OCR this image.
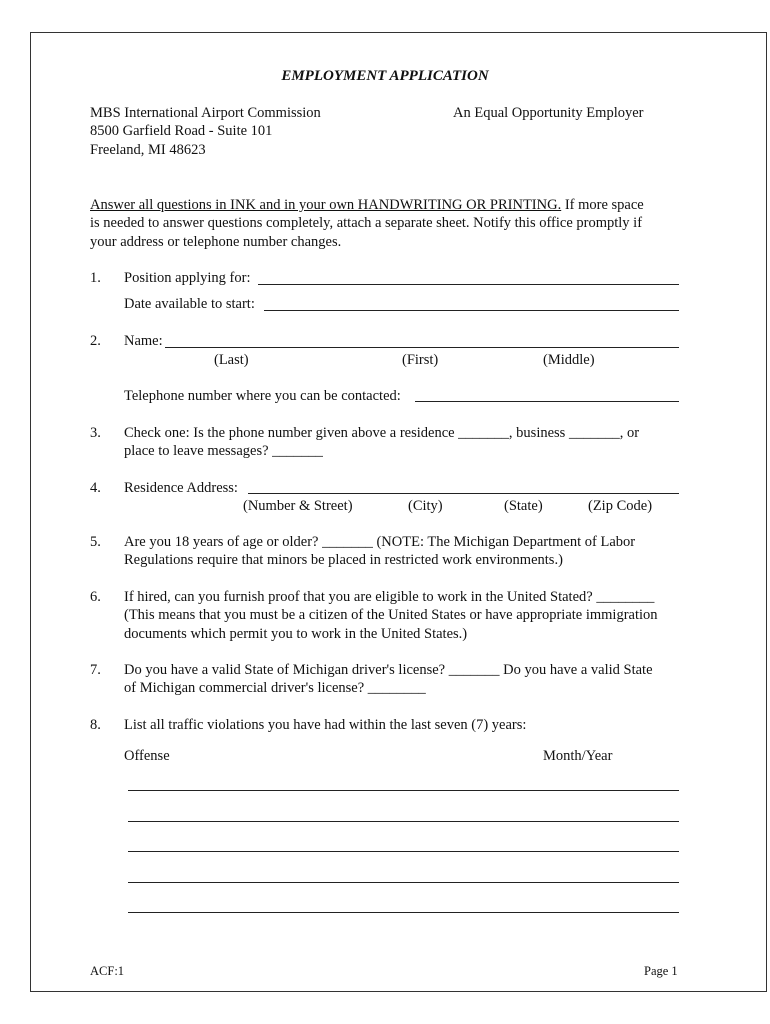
EMPLOYMENT APPLICATION
MBS International Airport Commission
8500 Garfield Road - Suite 101
Freeland, MI 48623
An Equal Opportunity Employer
Answer all questions in INK and in your own HANDWRITING OR PRINTING. If more space
is needed to answer questions completely, attach a separate sheet. Notify this office promptly if
your address or telephone number changes.
1. Position applying for:
Date available to start:
2. Name:
(Last)	(First)	(Middle)
Telephone number where you can be contacted:
3. Check one: Is the phone number given above a residence _______, business _______, or
place to leave messages? _______
4. Residence Address:
(Number & Street)	(City)	(State)	(Zip Code)
5. Are you 18 years of age or older? _______ (NOTE: The Michigan Department of Labor
Regulations require that minors be placed in restricted work environments.)
6. If hired, can you furnish proof that you are eligible to work in the United Stated? ________
(This means that you must be a citizen of the United States or have appropriate immigration
documents which permit you to work in the United States.)
7. Do you have a valid State of Michigan driver's license? _______ Do you have a valid State
of Michigan commercial driver's license? ________
8. List all traffic violations you have had within the last seven (7) years:
Offense	Month/Year
ACF:1	Page 1
